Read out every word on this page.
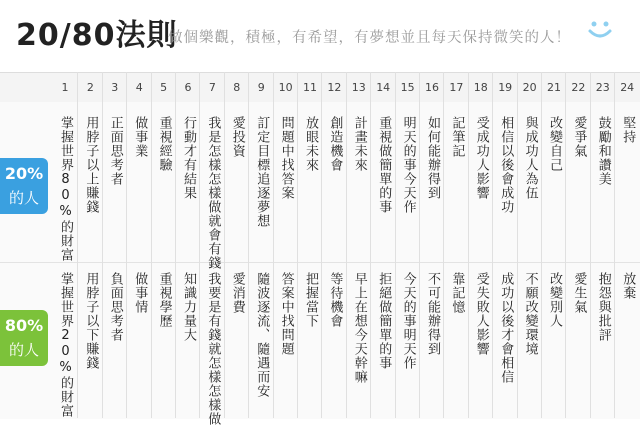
20/80法則
做個樂觀，積極，有希望，有夢想並且每天保持微笑的人！
20%
的人
80%
的人
1
掌握世界80%的財富
掌握世界20%的財富
2
用脖子以上賺錢
用脖子以下賺錢
3
正面思考者
負面思考者
4
做事業
做事情
5
重視經驗
重視學歷
6
行動才有結果
知識力量大
7
我是怎樣怎樣做就會有錢
我要是有錢就怎樣怎樣做
8
愛投資
愛消費
9
訂定目標追逐夢想
隨波逐流、隨遇而安
10
問題中找答案
答案中找問題
11
放眼未來
把握當下
12
創造機會
等待機會
13
計畫未來
早上在想今天幹嘛
14
重視做簡單的事
拒絕做簡單的事
15
明天的事今天作
今天的事明天作
16
如何能辦得到
不可能辦得到
17
記筆記
靠記憶
18
受成功人影響
受失敗人影響
19
相信以後會成功
成功以後才會相信
20
與成功人為伍
不願改變環境
21
改變自己
改變別人
22
愛爭氣
愛生氣
23
鼓勵和讚美
抱怨與批評
24
堅持
放棄
